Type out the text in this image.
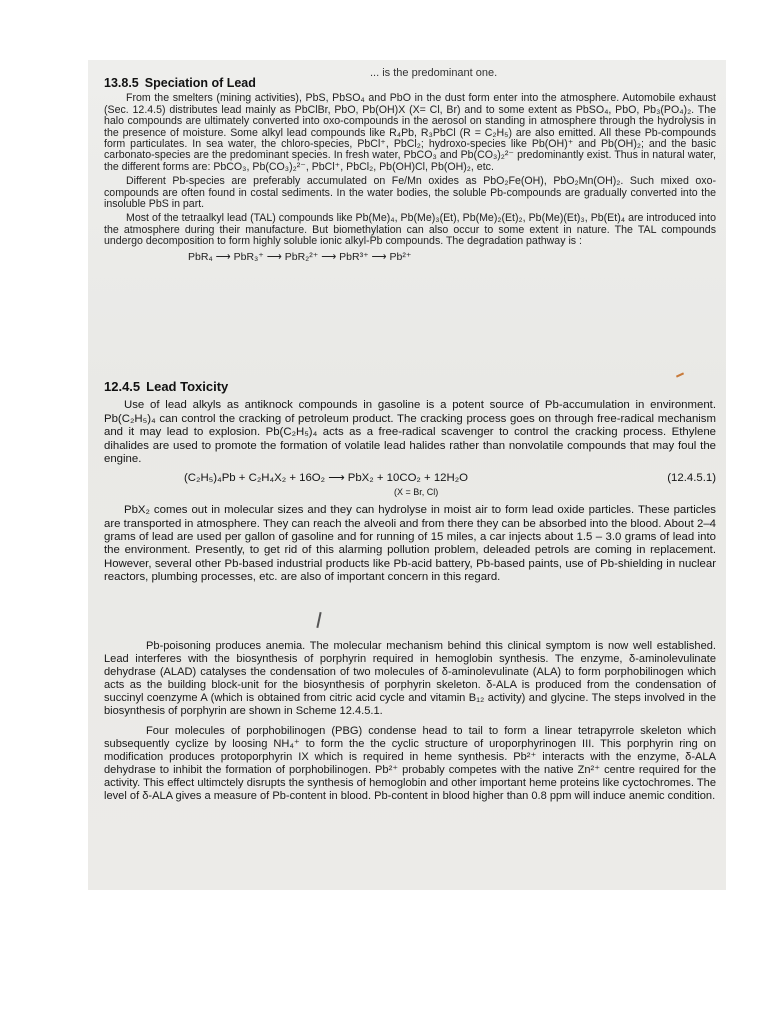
... is the predominant one.
13.8.5 Speciation of Lead

From the smelters (mining activities), PbS, PbSO₄ and PbO in the dust form enter into the atmosphere. Automobile exhaust (Sec. 12.4.5) distributes lead mainly as PbClBr, PbO, Pb(OH)X (X= Cl, Br) and to some extent as PbSO₄, PbO, Pb₃(PO₄)₂. The halo compounds are ultimately converted into oxo-compounds in the aerosol on standing in atmosphere through the hydrolysis in the presence of moisture. Some alkyl lead compounds like R₄Pb, R₃PbCl (R = C₂H₅) are also emitted. All these Pb-compounds form particulates. In sea water, the chloro-species, PbCl⁺, PbCl₂; hydroxo-species like Pb(OH)⁺ and Pb(OH)₂; and the basic carbonato-species are the predominant species. In fresh water, PbCO₃ and Pb(CO₃)₂²⁻ predominantly exist. Thus in natural water, the different forms are: PbCO₃, Pb(CO₃)₂²⁻, PbCl⁺, PbCl₂, Pb(OH)Cl, Pb(OH)₂, etc.

Different Pb-species are preferably accumulated on Fe/Mn oxides as PbO₂Fe(OH), PbO₂Mn(OH)₂. Such mixed oxo-compounds are often found in costal sediments. In the water bodies, the soluble Pb-compounds are gradually converted into the insoluble PbS in part.

Most of the tetraalkyl lead (TAL) compounds like Pb(Me)₄, Pb(Me)₃(Et), Pb(Me)₂(Et)₂, Pb(Me)(Et)₃, Pb(Et)₄ are introduced into the atmosphere during their manufacture. But biomethylation can also occur to some extent in nature. The TAL compounds undergo decomposition to form highly soluble ionic alkyl-Pb compounds. The degradation pathway is :

PbR₄ ⟶ PbR₃⁺ ⟶ PbR₂²⁺ ⟶ PbR³⁺ ⟶ Pb²⁺

12.4.5 Lead Toxicity

Use of lead alkyls as antiknock compounds in gasoline is a potent source of Pb-accumulation in environment. Pb(C₂H₅)₄ can control the cracking of petroleum product. The cracking process goes on through free-radical mechanism and it may lead to explosion. Pb(C₂H₅)₄ acts as a free-radical scavenger to control the cracking process. Ethylene dihalides are used to promote the formation of volatile lead halides rather than nonvolatile compounds that may foul the engine.

(C₂H₅)₄Pb + C₂H₄X₂ + 16O₂ ⟶ PbX₂ + 10CO₂ + 12H₂O	(12.4.5.1)
(X = Br, Cl)

PbX₂ comes out in molecular sizes and they can hydrolyse in moist air to form lead oxide particles. These particles are transported in atmosphere. They can reach the alveoli and from there they can be absorbed into the blood. About 2–4 grams of lead are used per gallon of gasoline and for running of 15 miles, a car injects about 1.5 – 3.0 grams of lead into the environment. Presently, to get rid of this alarming pollution problem, deleaded petrols are coming in replacement. However, several other Pb-based industrial products like Pb-acid battery, Pb-based paints, use of Pb-shielding in nuclear reactors, plumbing processes, etc. are also of important concern in this regard.

Pb-poisoning produces anemia. The molecular mechanism behind this clinical symptom is now well established. Lead interferes with the biosynthesis of porphyrin required in hemoglobin synthesis. The enzyme, δ-aminolevulinate dehydrase (ALAD) catalyses the condensation of two molecules of δ-aminolevulinate (ALA) to form porphobilinogen which acts as the building block-unit for the biosynthesis of porphyrin skeleton. δ-ALA is produced from the condensation of succinyl coenzyme A (which is obtained from citric acid cycle and vitamin B₁₂ activity) and glycine. The steps involved in the biosynthesis of porphyrin are shown in Scheme 12.4.5.1.

Four molecules of porphobilinogen (PBG) condense head to tail to form a linear tetrapyrrole skeleton which subsequently cyclize by loosing NH₄⁺ to form the the cyclic structure of uroporphyrinogen III. This porphyrin ring on modification produces protoporphyrin IX which is required in heme synthesis. Pb²⁺ interacts with the enzyme, δ-ALA dehydrase to inhibit the formation of porphobilinogen. Pb²⁺ probably competes with the native Zn²⁺ centre required for the activity. This effect ultimctely disrupts the synthesis of hemoglobin and other important heme proteins like cyctochromes. The level of δ-ALA gives a measure of Pb-content in blood. Pb-content in blood higher than 0.8 ppm will induce anemic condition.
